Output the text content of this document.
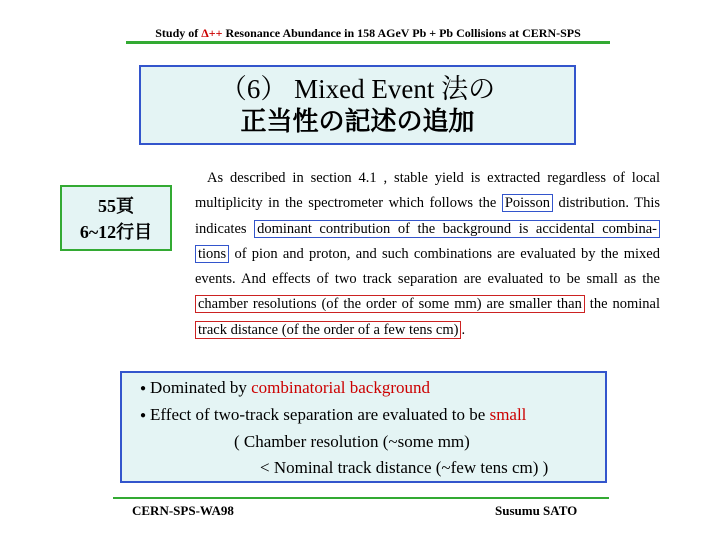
Study of Δ++ Resonance Abundance in 158 AGeV Pb + Pb Collisions at CERN-SPS
（6） Mixed Event 法の
正当性の記述の追加
55頁
6~12行目
As described in section 4.1 , stable yield is extracted regardless of local
multiplicity in the spectrometer which follows the Poisson distribution. This
indicates dominant contribution of the background is accidental combina-
tions of pion and proton, and such combinations are evaluated by the mixed
events. And effects of two track separation are evaluated to be small as the
chamber resolutions (of the order of some mm) are smaller than the nominal
track distance (of the order of a few tens cm) .
● Dominated by combinatorial background
● Effect of two-track separation are evaluated to be small
( Chamber resolution (~some mm)
< Nominal track distance (~few tens cm) )
CERN-SPS-WA98	Susumu SATO
